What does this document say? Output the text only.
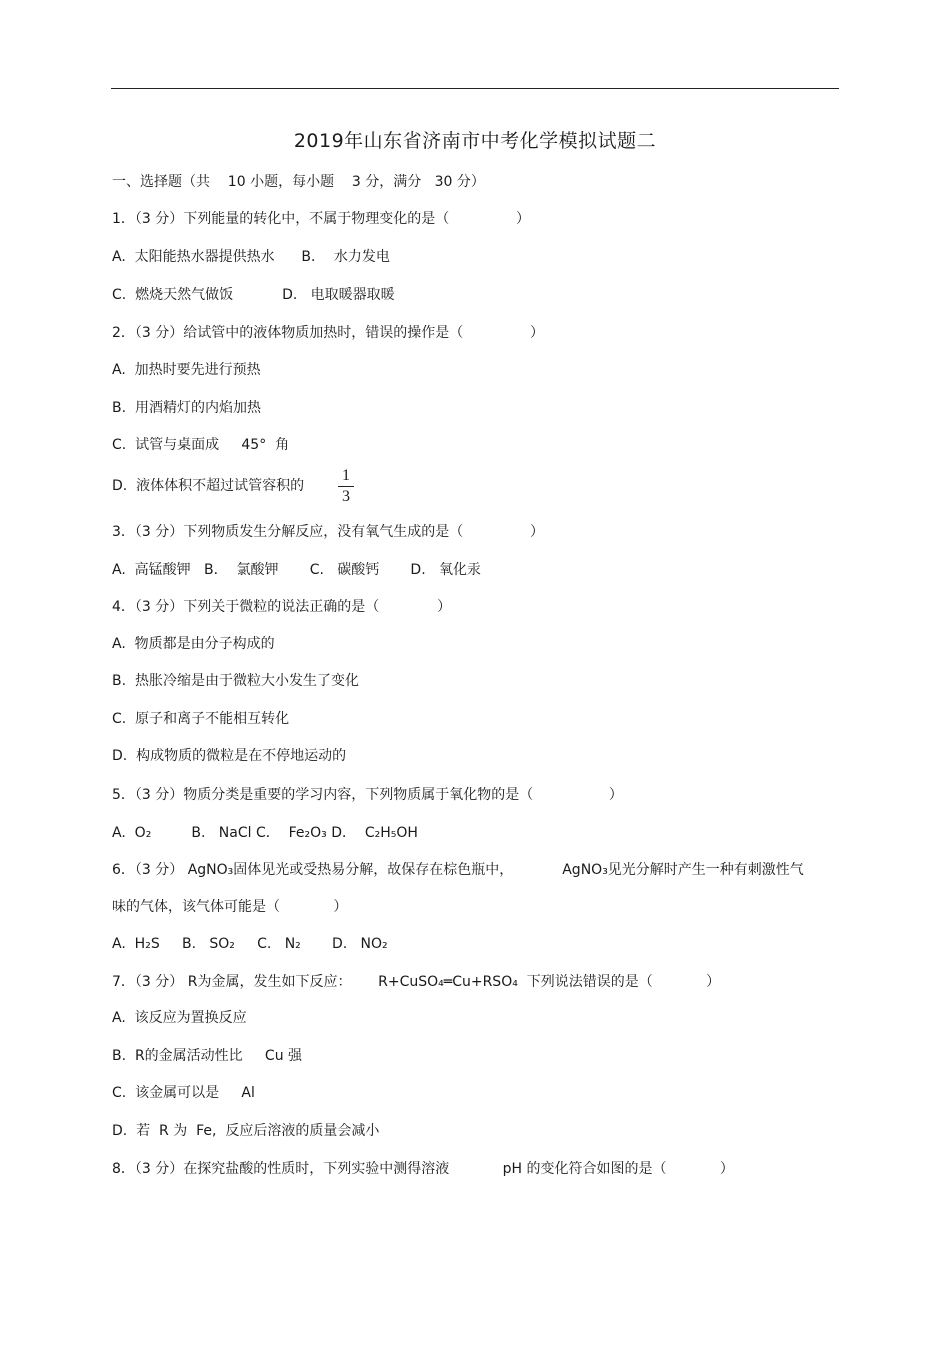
2019年山东省济南市中考化学模拟试题二
一、选择题（共    10 小题，每小题    3 分，满分   30 分）
1．（3 分）下列能量的转化中，不属于物理变化的是（               ）
A.  太阳能热水器提供热水      B．  水力发电
C.  燃烧天然气做饭           D.   电取暖器取暖
2．（3 分）给试管中的液体物质加热时，错误的操作是（               ）
A.  加热时要先进行预热
B.  用酒精灯的内焰加热
C.  试管与桌面成     45°  角
D.  液体体积不超过试管容积的
1
3
3．（3 分）下列物质发生分解反应，没有氧气生成的是（               ）
A.  高锰酸钾   B．  氯酸钾       C.   碳酸钙       D.   氧化汞
4．（3 分）下列关于微粒的说法正确的是（             ）
A.  物质都是由分子构成的
B.  热胀冷缩是由于微粒大小发生了变化
C.  原子和离子不能相互转化
D.  构成物质的微粒是在不停地运动的
5．（3 分）物质分类是重要的学习内容，下列物质属于氧化物的是（                 ）
A.  O₂         B.   NaCl C．  Fe₂O₃ D．  C₂H₅OH
6．（3 分） AgNO₃固体见光或受热易分解，故保存在棕色瓶中，           AgNO₃见光分解时产生一种有刺激性气
味的气体，该气体可能是（            ）
A.  H₂S     B.   SO₂     C.   N₂       D.   NO₂
7．（3 分） R为金属，发生如下反应：      R+CuSO₄═Cu+RSO₄  下列说法错误的是（            ）
A.  该反应为置换反应
B.  R的金属活动性比     Cu 强
C.  该金属可以是     Al
D.  若  R 为  Fe,  反应后溶液的质量会减小
8．（3 分）在探究盐酸的性质时，下列实验中测得溶液            pH 的变化符合如图的是（            ）
